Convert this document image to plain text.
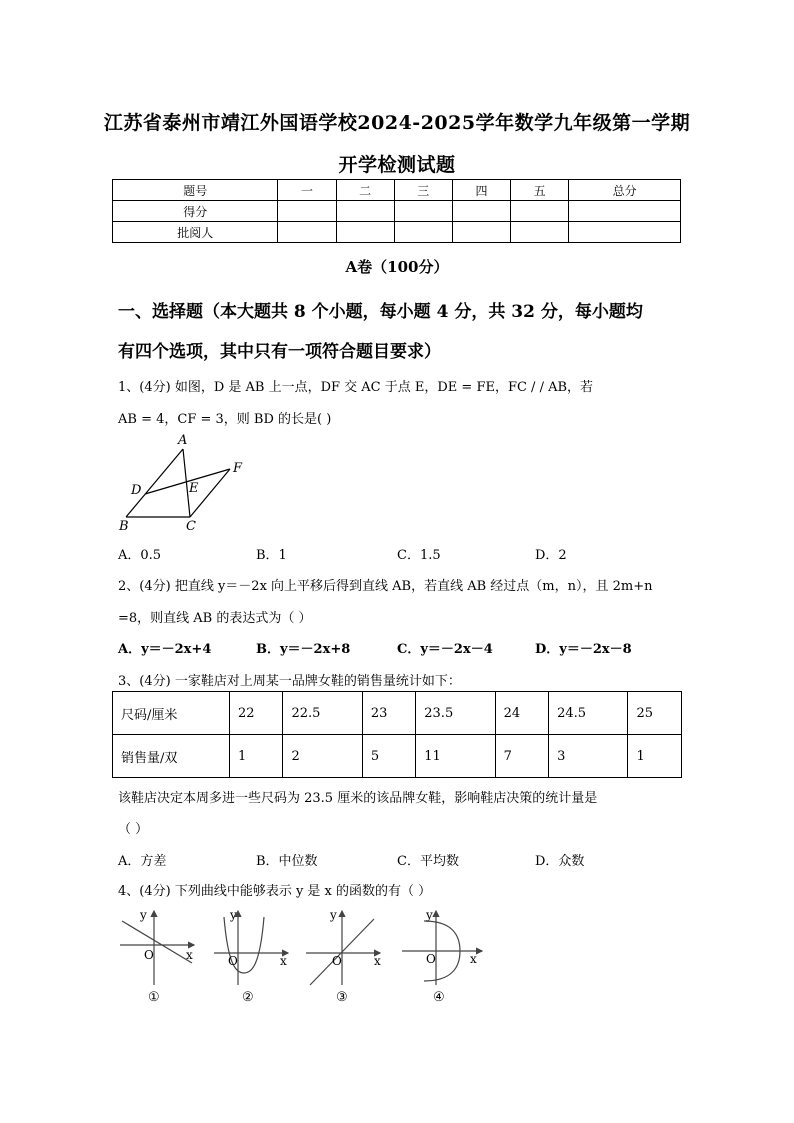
江苏省泰州市靖江外国语学校2024-2025学年数学九年级第一学期
开学检测试题
题号	一	二	三	四	五	总分
得分						
批阅人						
A卷（100分）
一、选择题（本大题共 8 个小题，每小题 4 分，共 32 分，每小题均
有四个选项，其中只有一项符合题目要求）
1、(4分) 如图，D 是 AB 上一点，DF 交 AC 于点 E，DE = FE，FC / / AB，若
AB = 4，CF = 3，则 BD 的长是( )
A
B	C
D	E
F
A．0.5	B．1	C．1.5	D．2
2、(4分) 把直线 y＝－2x 向上平移后得到直线 AB，若直线 AB 经过点（m，n），且 2m+n
=8，则直线 AB 的表达式为（ ）
A．y＝－2x+4	B．y＝－2x+8	C．y＝－2x－4	D．y＝－2x－8
3、(4分) 一家鞋店对上周某一品牌女鞋的销售量统计如下：
尺码/厘米	22	22.5	23	23.5	24	24.5	25
销售量/双	1	2	5	11	7	3	1
该鞋店决定本周多进一些尺码为 23.5 厘米的该品牌女鞋，影响鞋店决策的统计量是
（ ）
A．方差	B．中位数	C．平均数	D．众数
4、(4分) 下列曲线中能够表示 y 是 x 的函数的有（ ）
y
x
O
①
y
x
O
②
y
x
O
③
y
x
O
④
